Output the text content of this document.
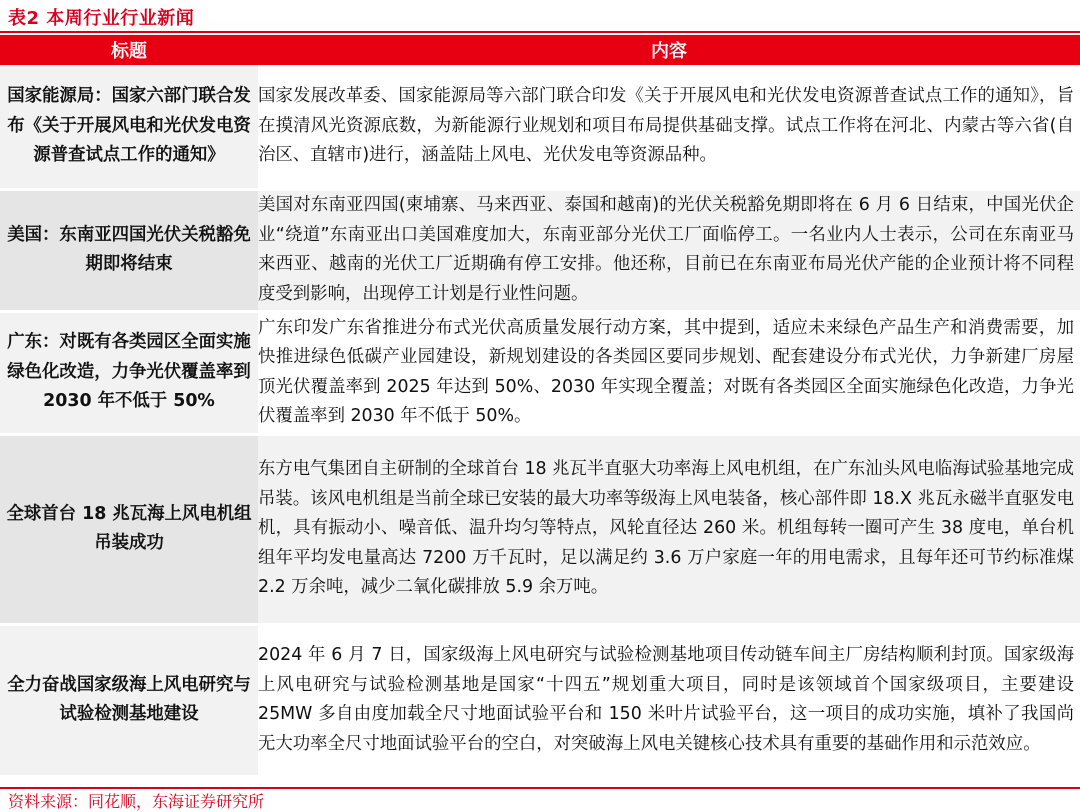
表2 本周行业行业新闻
标题	内容
国家能源局：国家六部门联合发布《关于开展风电和光伏发电资源普查试点工作的通知》	国家发展改革委、国家能源局等六部门联合印发《关于开展风电和光伏发电资源普查试点工作的通知》，旨在摸清风光资源底数，为新能源行业规划和项目布局提供基础支撑。试点工作将在河北、内蒙古等六省(自治区、直辖市)进行，涵盖陆上风电、光伏发电等资源品种。
美国：东南亚四国光伏关税豁免期即将结束	美国对东南亚四国(柬埔寨、马来西亚、泰国和越南)的光伏关税豁免期即将在 6 月 6 日结束，中国光伏企业“绕道”东南亚出口美国难度加大，东南亚部分光伏工厂面临停工。一名业内人士表示，公司在东南亚马来西亚、越南的光伏工厂近期确有停工安排。他还称，目前已在东南亚布局光伏产能的企业预计将不同程度受到影响，出现停工计划是行业性问题。
广东：对既有各类园区全面实施绿色化改造，力争光伏覆盖率到 2030 年不低于 50%	广东印发广东省推进分布式光伏高质量发展行动方案，其中提到，适应未来绿色产品生产和消费需要，加快推进绿色低碳产业园建设，新规划建设的各类园区要同步规划、配套建设分布式光伏，力争新建厂房屋顶光伏覆盖率到 2025 年达到 50%、2030 年实现全覆盖；对既有各类园区全面实施绿色化改造，力争光伏覆盖率到 2030 年不低于 50%。
全球首台 18 兆瓦海上风电机组吊装成功	东方电气集团自主研制的全球首台 18 兆瓦半直驱大功率海上风电机组，在广东汕头风电临海试验基地完成吊装。该风电机组是当前全球已安装的最大功率等级海上风电装备，核心部件即 18.X 兆瓦永磁半直驱发电机，具有振动小、噪音低、温升均匀等特点，风轮直径达 260 米。机组每转一圈可产生 38 度电，单台机组年平均发电量高达 7200 万千瓦时，足以满足约 3.6 万户家庭一年的用电需求，且每年还可节约标准煤 2.2 万余吨，减少二氧化碳排放 5.9 余万吨。
全力奋战国家级海上风电研究与试验检测基地建设	2024 年 6 月 7 日，国家级海上风电研究与试验检测基地项目传动链车间主厂房结构顺利封顶。国家级海上风电研究与试验检测基地是国家“十四五”规划重大项目，同时是该领域首个国家级项目，主要建设 25MW 多自由度加载全尺寸地面试验平台和 150 米叶片试验平台，这一项目的成功实施，填补了我国尚无大功率全尺寸地面试验平台的空白，对突破海上风电关键核心技术具有重要的基础作用和示范效应。
资料来源：同花顺，东海证券研究所
